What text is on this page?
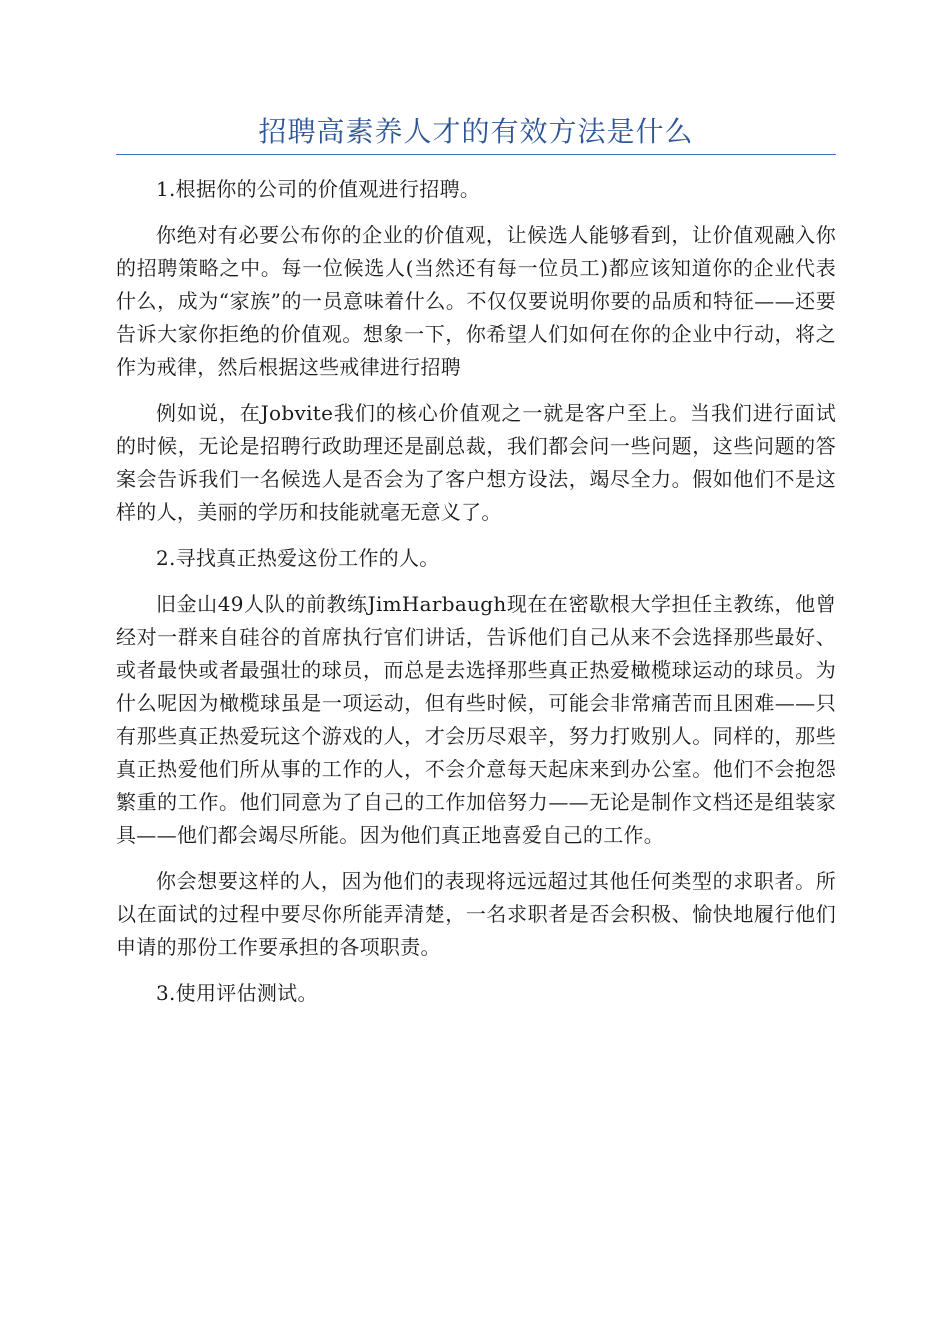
招聘高素养人才的有效方法是什么

1.根据你的公司的价值观进行招聘。

你绝对有必要公布你的企业的价值观，让候选人能够看到，让价值观融入你的招聘策略之中。每一位候选人(当然还有每一位员工)都应该知道你的企业代表什么，成为“家族”的一员意味着什么。不仅仅要说明你要的品质和特征——还要告诉大家你拒绝的价值观。想象一下，你希望人们如何在你的企业中行动，将之作为戒律，然后根据这些戒律进行招聘

例如说，在Jobvite我们的核心价值观之一就是客户至上。当我们进行面试的时候，无论是招聘行政助理还是副总裁，我们都会问一些问题，这些问题的答案会告诉我们一名候选人是否会为了客户想方设法，竭尽全力。假如他们不是这样的人，美丽的学历和技能就毫无意义了。

2.寻找真正热爱这份工作的人。

旧金山49人队的前教练JimHarbaugh现在在密歇根大学担任主教练，他曾经对一群来自硅谷的首席执行官们讲话，告诉他们自己从来不会选择那些最好、或者最快或者最强壮的球员，而总是去选择那些真正热爱橄榄球运动的球员。为什么呢因为橄榄球虽是一项运动，但有些时候，可能会非常痛苦而且困难——只有那些真正热爱玩这个游戏的人，才会历尽艰辛，努力打败别人。同样的，那些真正热爱他们所从事的工作的人，不会介意每天起床来到办公室。他们不会抱怨繁重的工作。他们同意为了自己的工作加倍努力——无论是制作文档还是组装家具——他们都会竭尽所能。因为他们真正地喜爱自己的工作。

你会想要这样的人，因为他们的表现将远远超过其他任何类型的求职者。所以在面试的过程中要尽你所能弄清楚，一名求职者是否会积极、愉快地履行他们申请的那份工作要承担的各项职责。

3.使用评估测试。
